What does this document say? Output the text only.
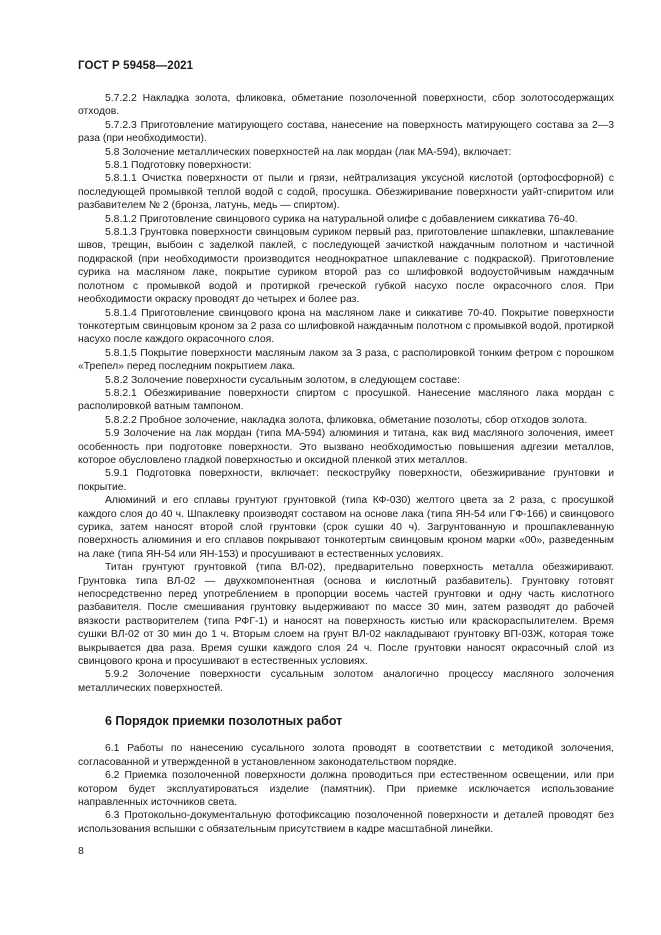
ГОСТ Р 59458—2021

5.7.2.2 Накладка золота, фликовка, обметание позолоченной поверхности, сбор золотосодержащих отходов.

5.7.2.3 Приготовление матирующего состава, нанесение на поверхность матирующего состава за 2—3 раза (при необходимости).

5.8 Золочение металлических поверхностей на лак мордан (лак МА-594), включает:

5.8.1 Подготовку поверхности:

5.8.1.1 Очистка поверхности от пыли и грязи, нейтрализация уксусной кислотой (ортофосфорной) с последующей промывкой теплой водой с содой, просушка. Обезжиривание поверхности уайт-спиритом или разбавителем № 2 (бронза, латунь, медь — спиртом).

5.8.1.2 Приготовление свинцового сурика на натуральной олифе с добавлением сиккатива 76-40.

5.8.1.3 Грунтовка поверхности свинцовым суриком первый раз, приготовление шпаклевки, шпаклевание швов, трещин, выбоин с заделкой паклей, с последующей зачисткой наждачным полотном и частичной подкраской (при необходимости производится неоднократное шпаклевание с подкраской). Приготовление сурика на масляном лаке, покрытие суриком второй раз со шлифовкой водоустойчивым наждачным полотном с промывкой водой и протиркой греческой губкой насухо после окрасочного слоя. При необходимости окраску проводят до четырех и более раз.

5.8.1.4 Приготовление свинцового крона на масляном лаке и сиккативе 70-40. Покрытие поверхности тонкотертым свинцовым кроном за 2 раза со шлифовкой наждачным полотном с промывкой водой, протиркой насухо после каждого окрасочного слоя.

5.8.1.5 Покрытие поверхности масляным лаком за 3 раза, с располировкой тонким фетром с порошком «Трепел» перед последним покрытием лака.

5.8.2 Золочение поверхности сусальным золотом, в следующем составе:

5.8.2.1 Обезжиривание поверхности спиртом с просушкой. Нанесение масляного лака мордан с располировкой ватным тампоном.

5.8.2.2 Пробное золочение, накладка золота, фликовка, обметание позолоты, сбор отходов золота.

5.9 Золочение на лак мордан (типа МА-594) алюминия и титана, как вид масляного золочения, имеет особенность при подготовке поверхности. Это вызвано необходимостью повышения адгезии металлов, которое обусловлено гладкой поверхностью и оксидной пленкой этих металлов.

5.9.1 Подготовка поверхности, включает: пескоструйку поверхности, обезжиривание грунтовки и покрытие.

Алюминий и его сплавы грунтуют грунтовкой (типа КФ-030) желтого цвета за 2 раза, с просушкой каждого слоя до 40 ч. Шпаклевку производят составом на основе лака (типа ЯН-54 или ГФ-166) и свинцового сурика, затем наносят второй слой грунтовки (срок сушки 40 ч). Загрунтованную и прошпаклеванную поверхность алюминия и его сплавов покрывают тонкотертым свинцовым кроном марки «00», разведенным на лаке (типа ЯН-54 или ЯН-153) и просушивают в естественных условиях.

Титан грунтуют грунтовкой (типа ВЛ-02), предварительно поверхность металла обезжиривают. Грунтовка типа ВЛ-02 — двухкомпонентная (основа и кислотный разбавитель). Грунтовку готовят непосредственно перед употреблением в пропорции восемь частей грунтовки и одну часть кислотного разбавителя. После смешивания грунтовку выдерживают по массе 30 мин, затем разводят до рабочей вязкости растворителем (типа РФГ-1) и наносят на поверхность кистью или краскораспылителем. Время сушки ВЛ-02 от 30 мин до 1 ч. Вторым слоем на грунт ВЛ-02 накладывают грунтовку ВП-03Ж, которая тоже выкрывается два раза. Время сушки каждого слоя 24 ч. После грунтовки наносят окрасочный слой из свинцового крона и просушивают в естественных условиях.

5.9.2 Золочение поверхности сусальным золотом аналогично процессу масляного золочения металлических поверхностей.

6 Порядок приемки позолотных работ

6.1 Работы по нанесению сусального золота проводят в соответствии с методикой золочения, согласованной и утвержденной в установленном законодательством порядке.

6.2 Приемка позолоченной поверхности должна проводиться при естественном освещении, или при котором будет эксплуатироваться изделие (памятник). При приемке исключается использование направленных источников света.

6.3 Протокольно-документальную фотофиксацию позолоченной поверхности и деталей проводят без использования вспышки с обязательным присутствием в кадре масштабной линейки.

8
